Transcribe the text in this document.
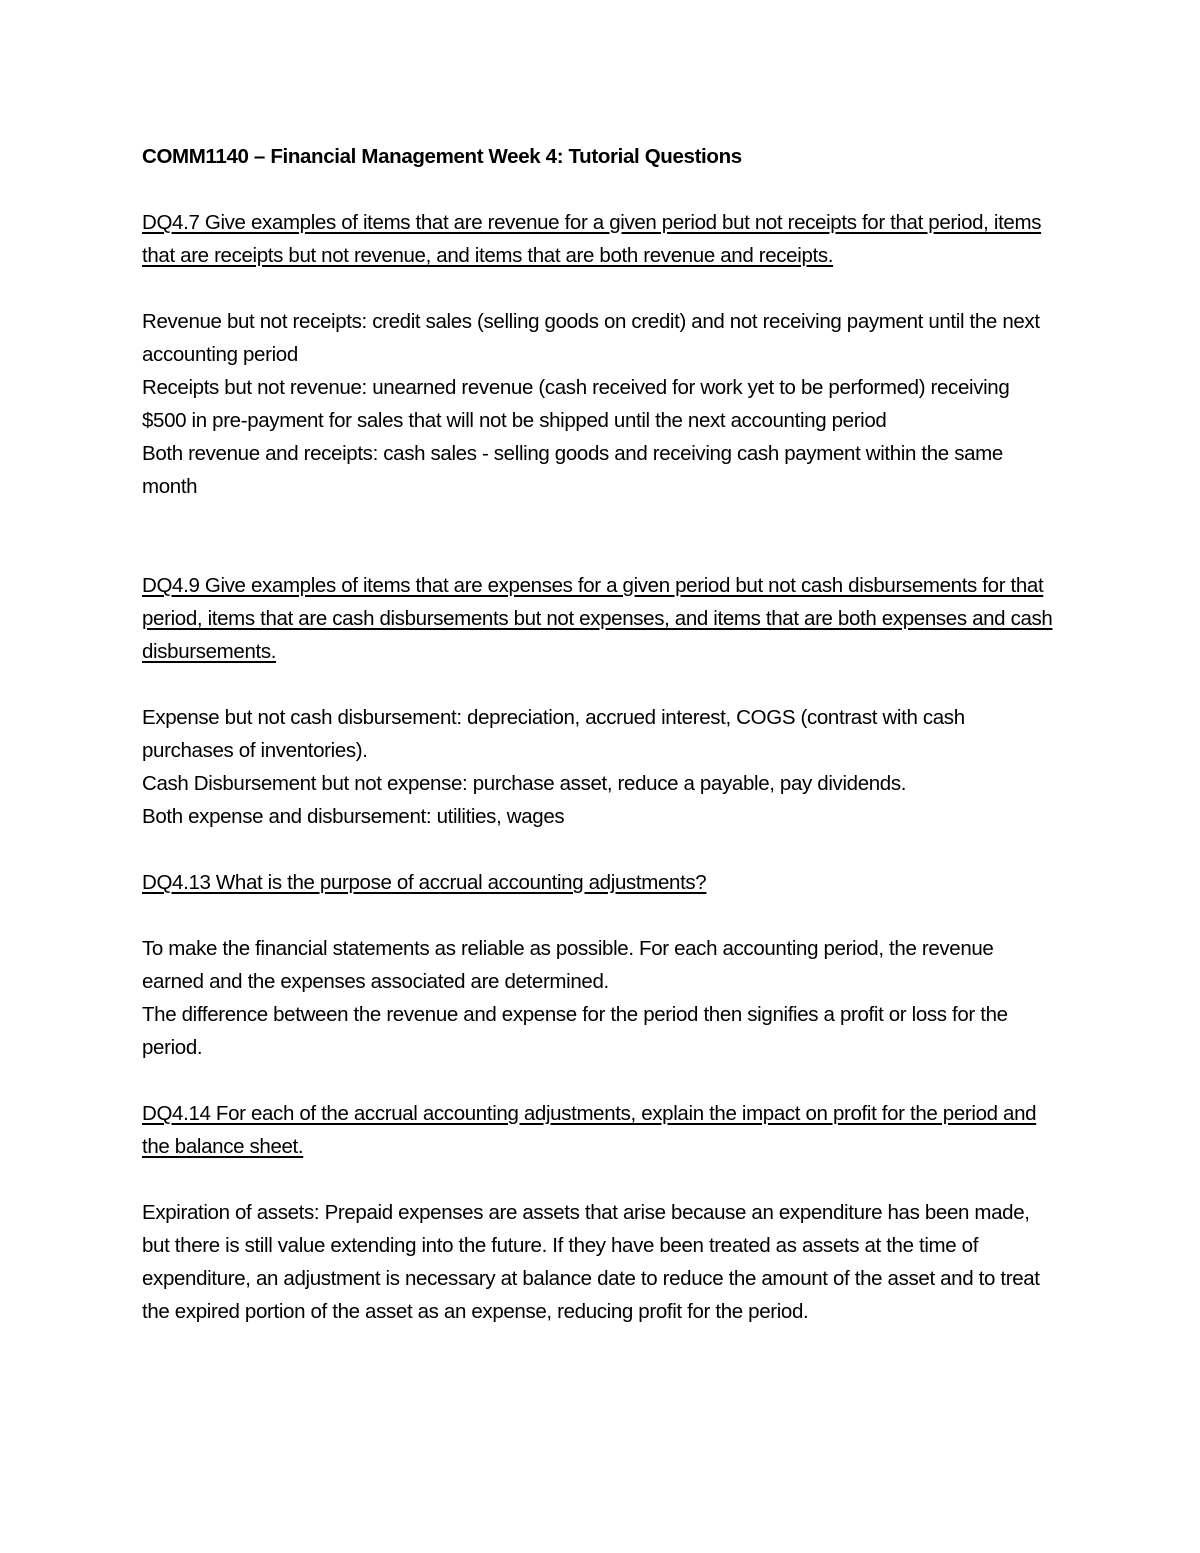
COMM1140 – Financial Management Week 4: Tutorial Questions

DQ4.7 Give examples of items that are revenue for a given period but not receipts for that period, items that are receipts but not revenue, and items that are both revenue and receipts.

Revenue but not receipts: credit sales (selling goods on credit) and not receiving payment until the next accounting period
Receipts but not revenue: unearned revenue (cash received for work yet to be performed) receiving $500 in pre-payment for sales that will not be shipped until the next accounting period
Both revenue and receipts: cash sales - selling goods and receiving cash payment within the same month

DQ4.9 Give examples of items that are expenses for a given period but not cash disbursements for that period, items that are cash disbursements but not expenses, and items that are both expenses and cash disbursements.

Expense but not cash disbursement: depreciation, accrued interest, COGS (contrast with cash purchases of inventories).
Cash Disbursement but not expense: purchase asset, reduce a payable, pay dividends.
Both expense and disbursement: utilities, wages

DQ4.13 What is the purpose of accrual accounting adjustments?

To make the financial statements as reliable as possible. For each accounting period, the revenue earned and the expenses associated are determined.
The difference between the revenue and expense for the period then signifies a profit or loss for the period.

DQ4.14 For each of the accrual accounting adjustments, explain the impact on profit for the period and the balance sheet.

Expiration of assets: Prepaid expenses are assets that arise because an expenditure has been made, but there is still value extending into the future. If they have been treated as assets at the time of expenditure, an adjustment is necessary at balance date to reduce the amount of the asset and to treat the expired portion of the asset as an expense, reducing profit for the period.
